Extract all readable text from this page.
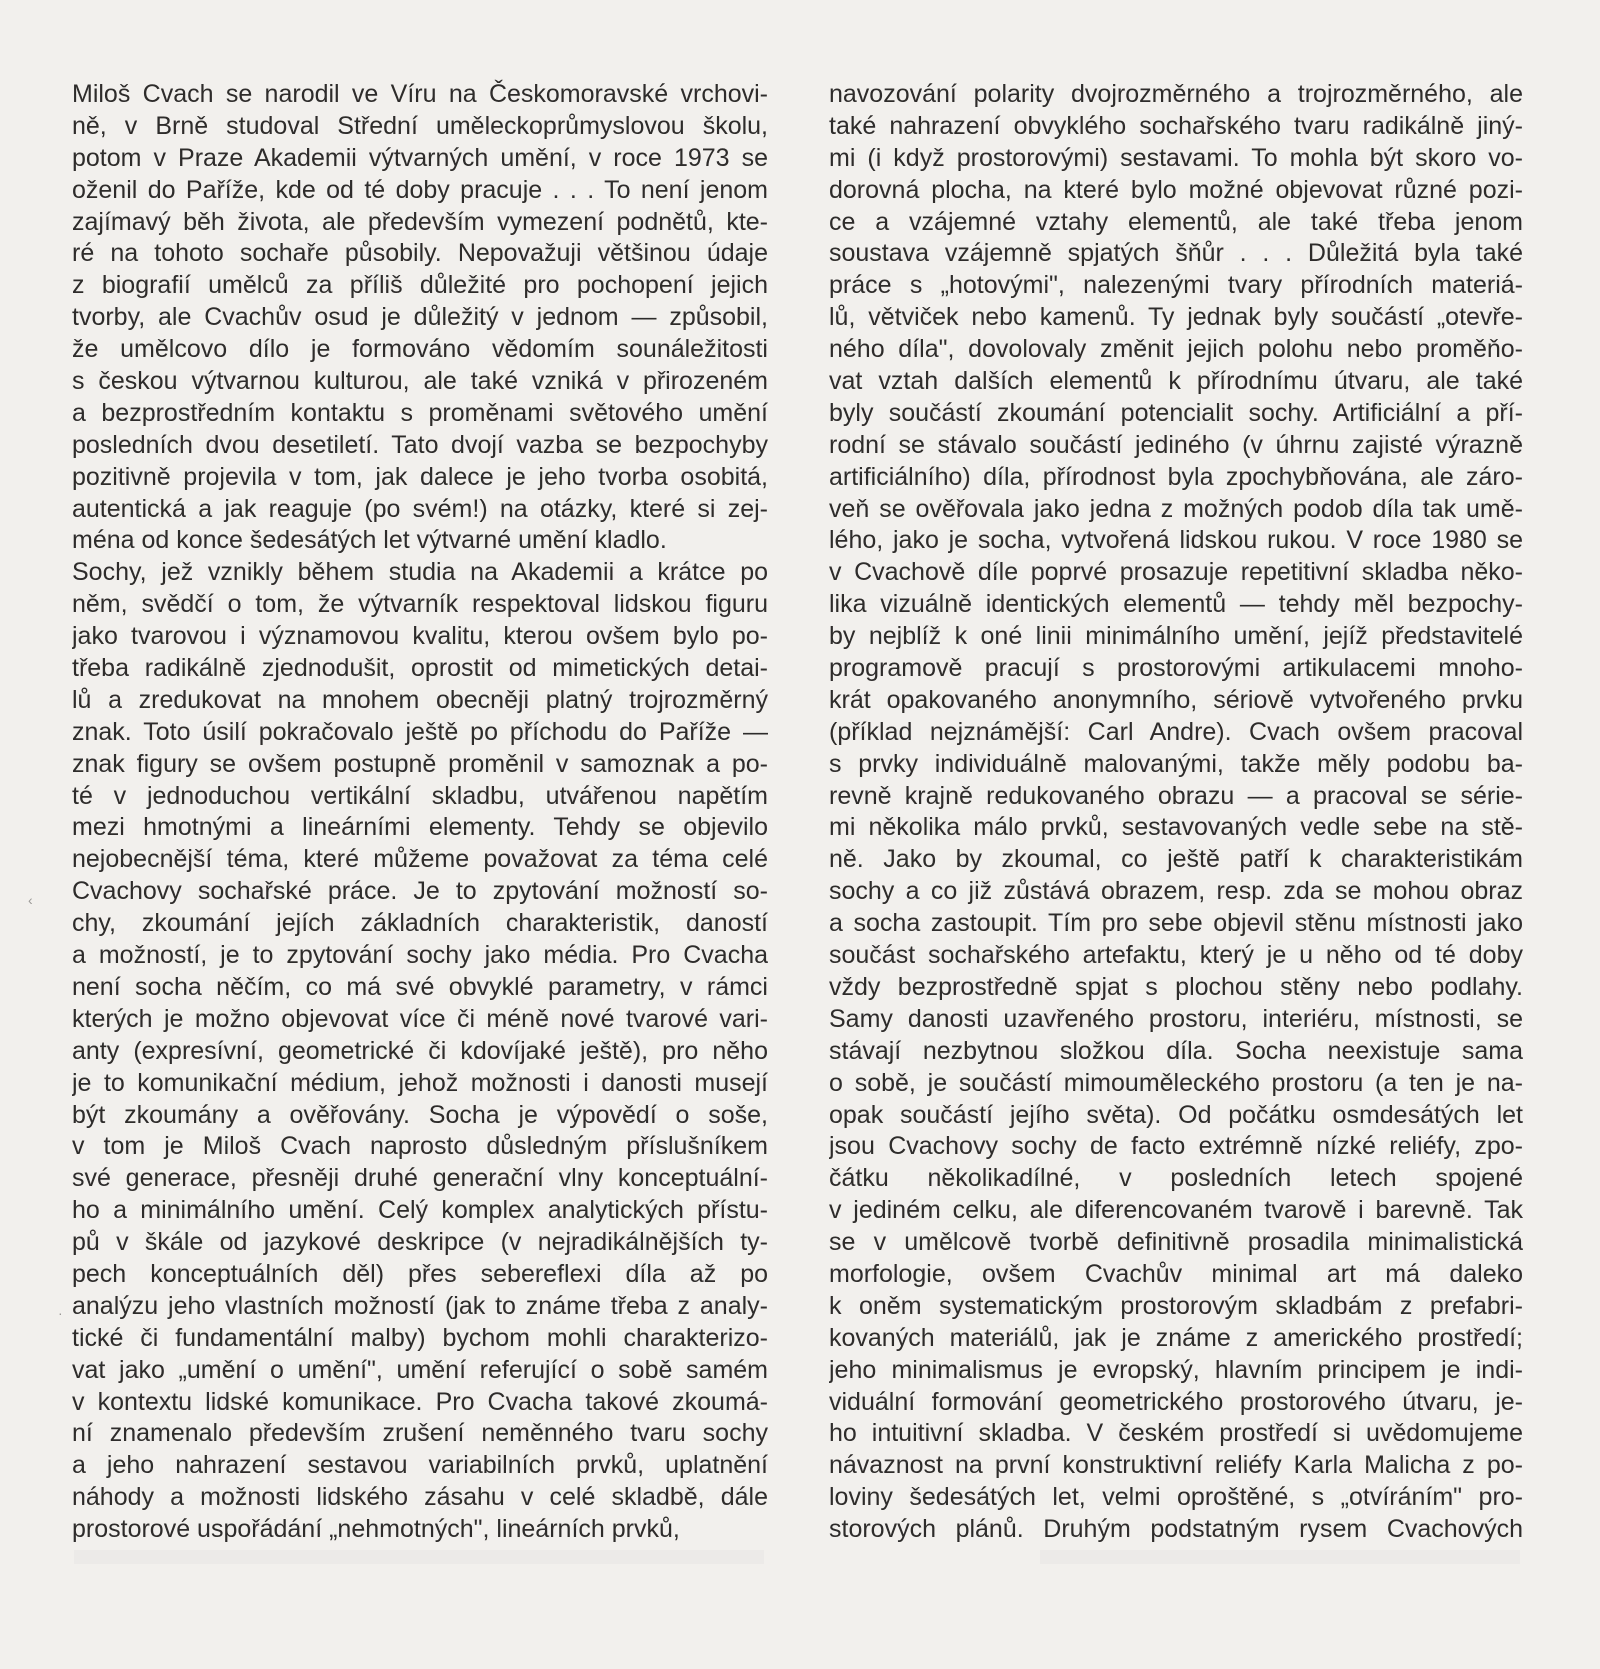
Miloš Cvach se narodil ve Víru na Českomoravské vrchovi-
ně, v Brně studoval Střední uměleckoprůmyslovou školu,
potom v Praze Akademii výtvarných umění, v roce 1973 se
oženil do Paříže, kde od té doby pracuje . . . To není jenom
zajímavý běh života, ale především vymezení podnětů, kte-
ré na tohoto sochaře působily. Nepovažuji většinou údaje
z biografií umělců za příliš důležité pro pochopení jejich
tvorby, ale Cvachův osud je důležitý v jednom — způsobil,
že umělcovo dílo je formováno vědomím sounáležitosti
s českou výtvarnou kulturou, ale také vzniká v přirozeném
a bezprostředním kontaktu s proměnami světového umění
posledních dvou desetiletí. Tato dvojí vazba se bezpochyby
pozitivně projevila v tom, jak dalece je jeho tvorba osobitá,
autentická a jak reaguje (po svém!) na otázky, které si zej-
ména od konce šedesátých let výtvarné umění kladlo.
Sochy, jež vznikly během studia na Akademii a krátce po
něm, svědčí o tom, že výtvarník respektoval lidskou figuru
jako tvarovou i významovou kvalitu, kterou ovšem bylo po-
třeba radikálně zjednodušit, oprostit od mimetických detai-
lů a zredukovat na mnohem obecněji platný trojrozměrný
znak. Toto úsilí pokračovalo ještě po příchodu do Paříže —
znak figury se ovšem postupně proměnil v samoznak a po-
té v jednoduchou vertikální skladbu, utvářenou napětím
mezi hmotnými a lineárními elementy. Tehdy se objevilo
nejobecnější téma, které můžeme považovat za téma celé
Cvachovy sochařské práce. Je to zpytování možností so-
chy, zkoumání jejích základních charakteristik, daností
a možností, je to zpytování sochy jako média. Pro Cvacha
není socha něčím, co má své obvyklé parametry, v rámci
kterých je možno objevovat více či méně nové tvarové vari-
anty (expresívní, geometrické či kdovíjaké ještě), pro něho
je to komunikační médium, jehož možnosti i danosti musejí
být zkoumány a ověřovány. Socha je výpovědí o soše,
v tom je Miloš Cvach naprosto důsledným příslušníkem
své generace, přesněji druhé generační vlny konceptuální-
ho a minimálního umění. Celý komplex analytických přístu-
pů v škále od jazykové deskripce (v nejradikálnějších ty-
pech konceptuálních děl) přes sebereflexi díla až po
analýzu jeho vlastních možností (jak to známe třeba z analy-
tické či fundamentální malby) bychom mohli charakterizo-
vat jako „umění o umění", umění referující o sobě samém
v kontextu lidské komunikace. Pro Cvacha takové zkoumá-
ní znamenalo především zrušení neměnného tvaru sochy
a jeho nahrazení sestavou variabilních prvků, uplatnění
náhody a možnosti lidského zásahu v celé skladbě, dále
prostorové uspořádání „nehmotných", lineárních prvků,
navozování polarity dvojrozměrného a trojrozměrného, ale
také nahrazení obvyklého sochařského tvaru radikálně jiný-
mi (i když prostorovými) sestavami. To mohla být skoro vo-
dorovná plocha, na které bylo možné objevovat různé pozi-
ce a vzájemné vztahy elementů, ale také třeba jenom
soustava vzájemně spjatých šňůr . . . Důležitá byla také
práce s „hotovými", nalezenými tvary přírodních materiá-
lů, větviček nebo kamenů. Ty jednak byly součástí „otevře-
ného díla", dovolovaly změnit jejich polohu nebo proměňo-
vat vztah dalších elementů k přírodnímu útvaru, ale také
byly součástí zkoumání potencialit sochy. Artificiální a pří-
rodní se stávalo součástí jediného (v úhrnu zajisté výrazně
artificiálního) díla, přírodnost byla zpochybňována, ale záro-
veň se ověřovala jako jedna z možných podob díla tak umě-
lého, jako je socha, vytvořená lidskou rukou. V roce 1980 se
v Cvachově díle poprvé prosazuje repetitivní skladba něko-
lika vizuálně identických elementů — tehdy měl bezpochy-
by nejblíž k oné linii minimálního umění, jejíž představitelé
programově pracují s prostorovými artikulacemi mnoho-
krát opakovaného anonymního, sériově vytvořeného prvku
(příklad nejznámější: Carl Andre). Cvach ovšem pracoval
s prvky individuálně malovanými, takže měly podobu ba-
revně krajně redukovaného obrazu — a pracoval se série-
mi několika málo prvků, sestavovaných vedle sebe na stě-
ně. Jako by zkoumal, co ještě patří k charakteristikám
sochy a co již zůstává obrazem, resp. zda se mohou obraz
a socha zastoupit. Tím pro sebe objevil stěnu místnosti jako
součást sochařského artefaktu, který je u něho od té doby
vždy bezprostředně spjat s plochou stěny nebo podlahy.
Samy danosti uzavřeného prostoru, interiéru, místnosti, se
stávají nezbytnou složkou díla. Socha neexistuje sama
o sobě, je součástí mimouměleckého prostoru (a ten je na-
opak součástí jejího světa). Od počátku osmdesátých let
jsou Cvachovy sochy de facto extrémně nízké reliéfy, zpo-
čátku několikadílné, v posledních letech spojené
v jediném celku, ale diferencovaném tvarově i barevně. Tak
se v umělcově tvorbě definitivně prosadila minimalistická
morfologie, ovšem Cvachův minimal art má daleko
k oněm systematickým prostorovým skladbám z prefabri-
kovaných materiálů, jak je známe z amerického prostředí;
jeho minimalismus je evropský, hlavním principem je indi-
viduální formování geometrického prostorového útvaru, je-
ho intuitivní skladba. V českém prostředí si uvědomujeme
návaznost na první konstruktivní reliéfy Karla Malicha z po-
loviny šedesátých let, velmi oproštěné, s „otvíráním" pro-
storových plánů. Druhým podstatným rysem Cvachových
‹
·
